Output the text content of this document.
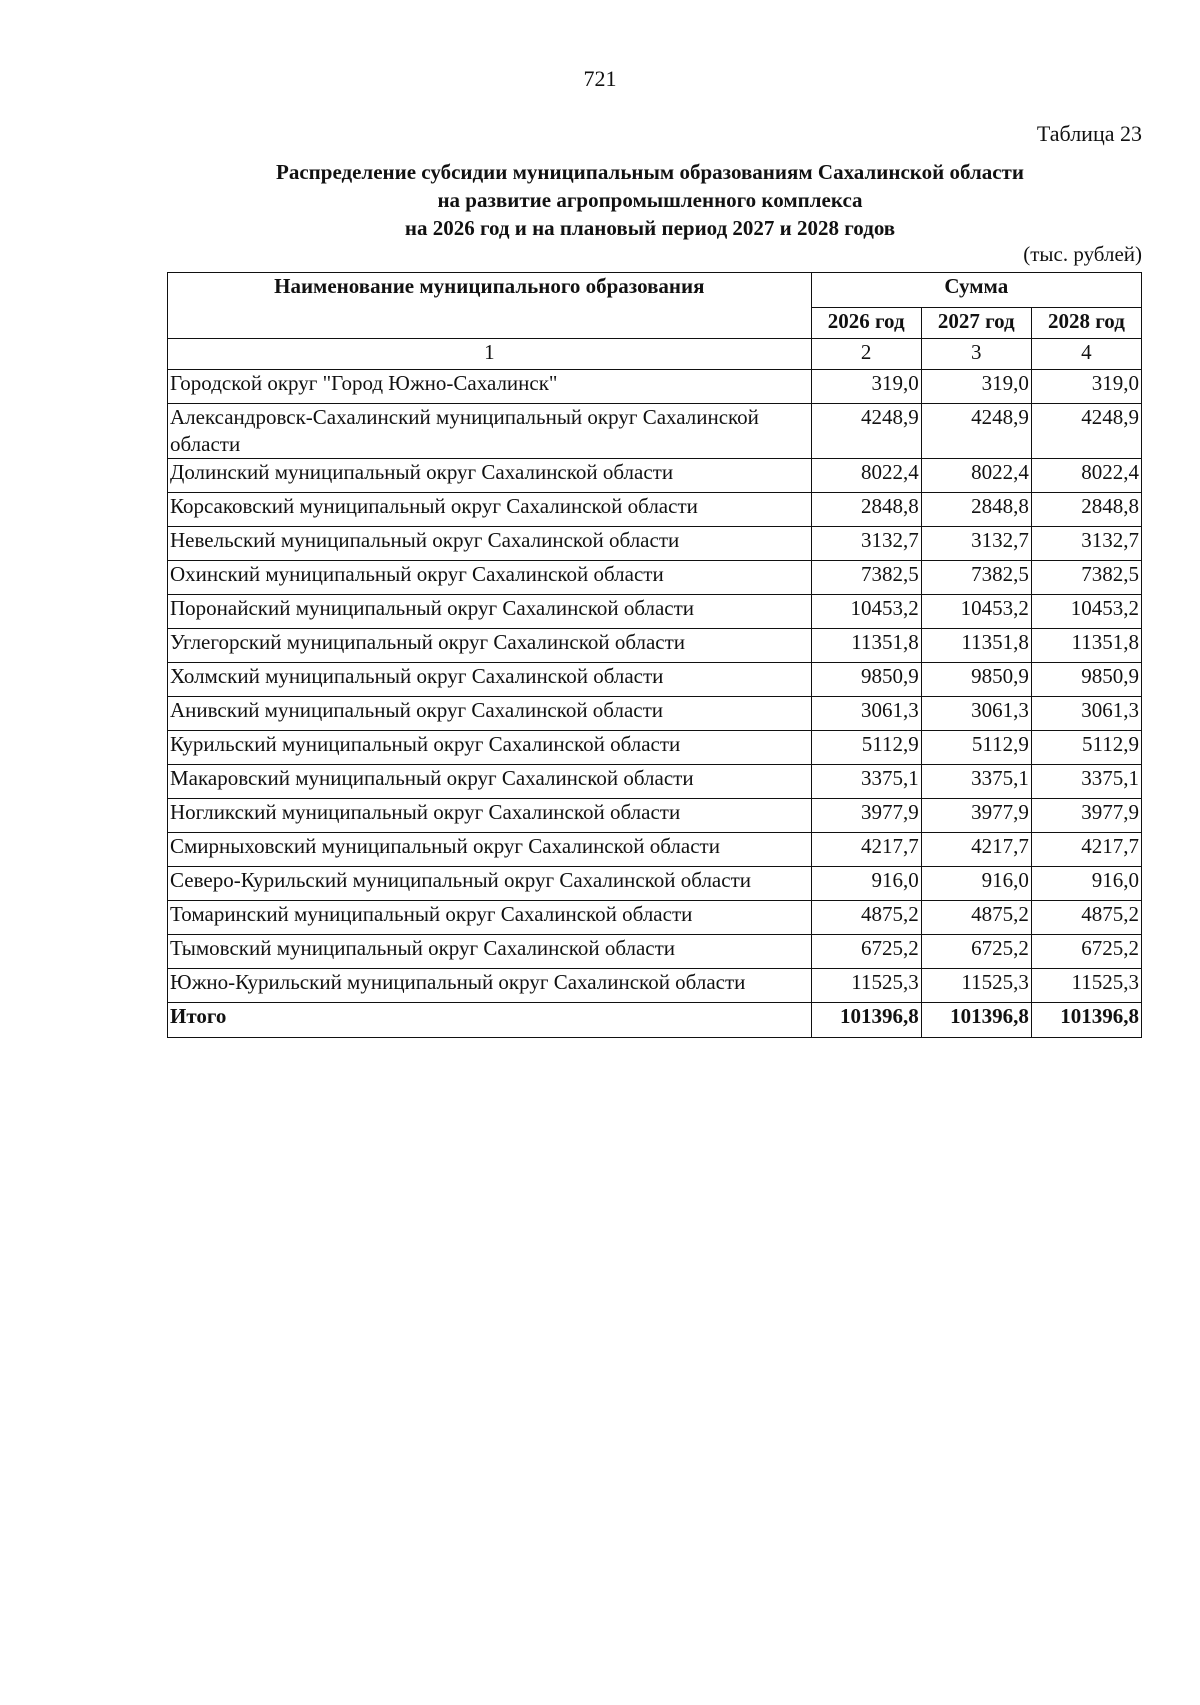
721
Таблица 23
Распределение субсидии муниципальным образованиям Сахалинской области
на развитие агропромышленного комплекса
на 2026 год и на плановый период 2027 и 2028 годов
(тыс. рублей)
Наименование муниципального образования	Сумма		
	2026 год	2027 год	2028 год
1	2	3	4
Городской округ "Город Южно-Сахалинск"	319,0	319,0	319,0
Александровск-Сахалинский муниципальный округ Сахалинской области	4248,9	4248,9	4248,9
Долинский муниципальный округ Сахалинской области	8022,4	8022,4	8022,4
Корсаковский муниципальный округ Сахалинской области	2848,8	2848,8	2848,8
Невельский муниципальный округ Сахалинской области	3132,7	3132,7	3132,7
Охинский муниципальный округ Сахалинской области	7382,5	7382,5	7382,5
Поронайский муниципальный округ Сахалинской области	10453,2	10453,2	10453,2
Углегорский муниципальный округ Сахалинской области	11351,8	11351,8	11351,8
Холмский муниципальный округ Сахалинской области	9850,9	9850,9	9850,9
Анивский муниципальный округ Сахалинской области	3061,3	3061,3	3061,3
Курильский муниципальный округ Сахалинской области	5112,9	5112,9	5112,9
Макаровский муниципальный округ Сахалинской области	3375,1	3375,1	3375,1
Ногликский муниципальный округ Сахалинской области	3977,9	3977,9	3977,9
Смирныховский муниципальный округ Сахалинской области	4217,7	4217,7	4217,7
Северо-Курильский муниципальный округ Сахалинской области	916,0	916,0	916,0
Томаринский муниципальный округ Сахалинской области	4875,2	4875,2	4875,2
Тымовский муниципальный округ Сахалинской области	6725,2	6725,2	6725,2
Южно-Курильский муниципальный округ Сахалинской области	11525,3	11525,3	11525,3
Итого	101396,8	101396,8	101396,8
